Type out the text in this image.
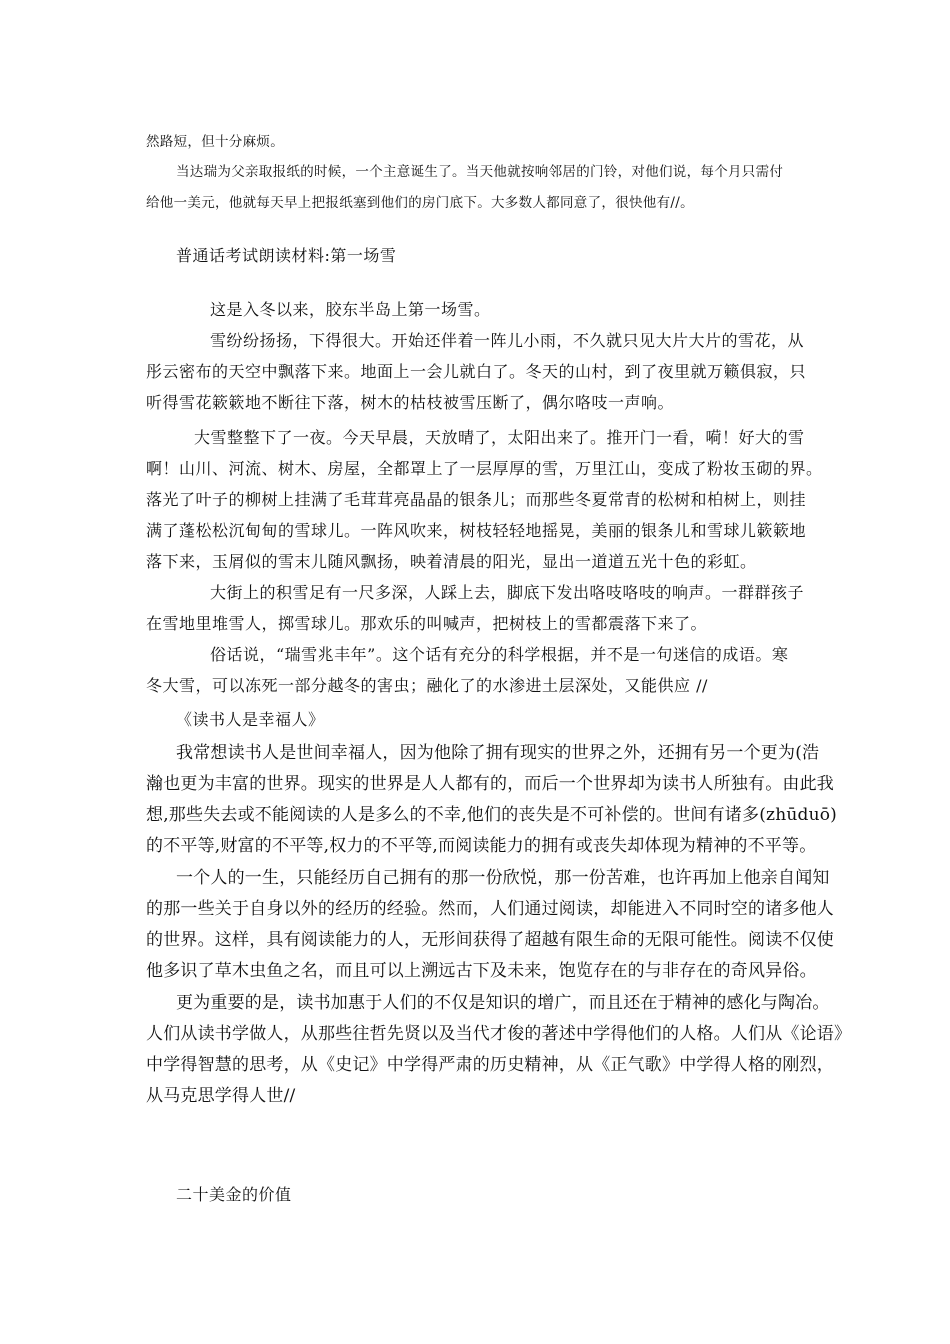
然路短，但十分麻烦。

当达瑞为父亲取报纸的时候，一个主意诞生了。当天他就按响邻居的门铃，对他们说，每个月只需付

给他一美元，他就每天早上把报纸塞到他们的房门底下。大多数人都同意了，很快他有//。

普通话考试朗读材料:第一场雪

这是入冬以来，胶东半岛上第一场雪。

雪纷纷扬扬，下得很大。开始还伴着一阵儿小雨，不久就只见大片大片的雪花，从

彤云密布的天空中飘落下来。地面上一会儿就白了。冬天的山村，到了夜里就万籁俱寂，只

听得雪花簌簌地不断往下落，树木的枯枝被雪压断了，偶尔咯吱一声响。

大雪整整下了一夜。今天早晨，天放晴了，太阳出来了。推开门一看，嗬！好大的雪

啊！山川、河流、树木、房屋，全都罩上了一层厚厚的雪，万里江山，变成了粉妆玉砌的界。

落光了叶子的柳树上挂满了毛茸茸亮晶晶的银条儿；而那些冬夏常青的松树和柏树上，则挂

满了蓬松松沉甸甸的雪球儿。一阵风吹来，树枝轻轻地摇晃，美丽的银条儿和雪球儿簌簌地

落下来，玉屑似的雪末儿随风飘扬，映着清晨的阳光，显出一道道五光十色的彩虹。

大街上的积雪足有一尺多深，人踩上去，脚底下发出咯吱咯吱的响声。一群群孩子

在雪地里堆雪人，掷雪球儿。那欢乐的叫喊声，把树枝上的雪都震落下来了。

俗话说，“瑞雪兆丰年”。这个话有充分的科学根据，并不是一句迷信的成语。寒

冬大雪，可以冻死一部分越冬的害虫；融化了的水渗进土层深处，又能供应 //

《读书人是幸福人》

我常想读书人是世间幸福人，因为他除了拥有现实的世界之外，还拥有另一个更为(浩

瀚也更为丰富的世界。现实的世界是人人都有的，而后一个世界却为读书人所独有。由此我

想,那些失去或不能阅读的人是多么的不幸,他们的丧失是不可补偿的。世间有诸多(zhūduō)

的不平等,财富的不平等,权力的不平等,而阅读能力的拥有或丧失却体现为精神的不平等。

一个人的一生，只能经历自己拥有的那一份欣悦，那一份苦难，也许再加上他亲自闻知

的那一些关于自身以外的经历的经验。然而，人们通过阅读，却能进入不同时空的诸多他人

的世界。这样，具有阅读能力的人，无形间获得了超越有限生命的无限可能性。阅读不仅使

他多识了草木虫鱼之名，而且可以上溯远古下及未来，饱览存在的与非存在的奇风异俗。

更为重要的是，读书加惠于人们的不仅是知识的增广，而且还在于精神的感化与陶冶。

人们从读书学做人，从那些往哲先贤以及当代才俊的著述中学得他们的人格。人们从《论语》

中学得智慧的思考，从《史记》中学得严肃的历史精神，从《正气歌》中学得人格的刚烈，

从马克思学得人世//

二十美金的价值
